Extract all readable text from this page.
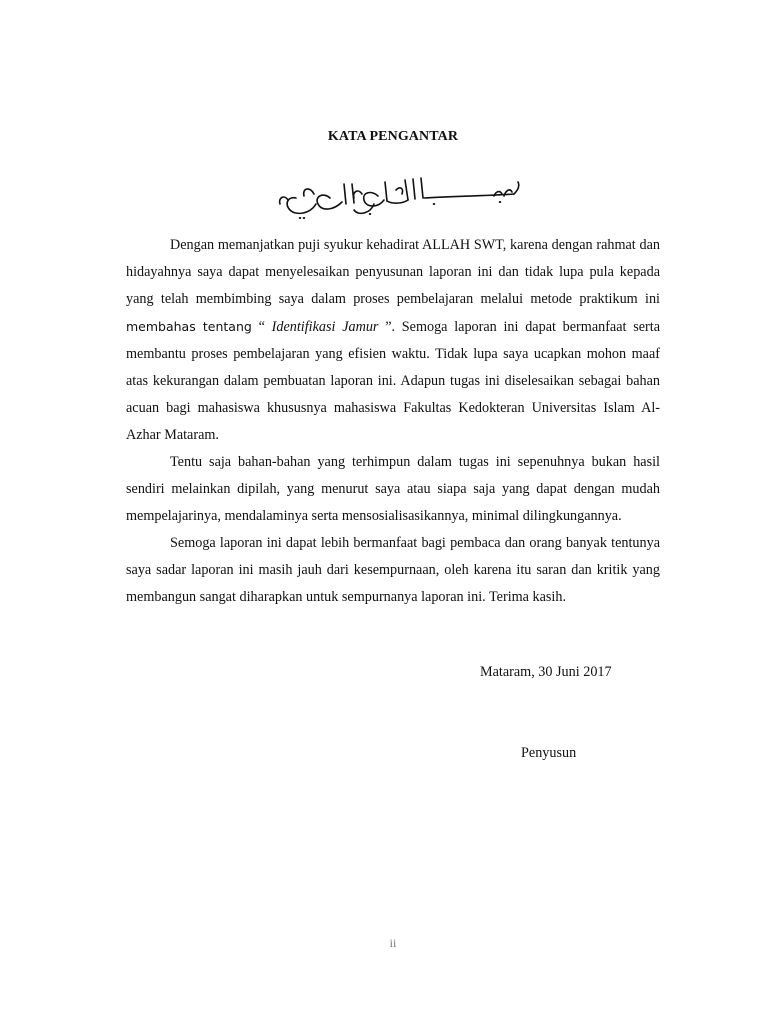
KATA PENGANTAR

Dengan memanjatkan puji syukur kehadirat ALLAH SWT, karena dengan rahmat dan hidayahnya saya dapat menyelesaikan penyusunan laporan ini dan tidak lupa pula kepada yang telah membimbing saya dalam proses pembelajaran melalui metode praktikum ini membahas tentang “ Identifikasi Jamur ”. Semoga laporan ini dapat bermanfaat serta membantu proses pembelajaran yang efisien waktu. Tidak lupa saya ucapkan mohon maaf atas kekurangan dalam pembuatan laporan ini. Adapun tugas ini diselesaikan sebagai bahan acuan bagi mahasiswa khususnya mahasiswa Fakultas Kedokteran Universitas Islam Al-Azhar Mataram.

Tentu saja bahan-bahan yang terhimpun dalam tugas ini sepenuhnya bukan hasil sendiri melainkan dipilah, yang menurut saya atau siapa saja yang dapat dengan mudah mempelajarinya, mendalaminya serta mensosialisasikannya, minimal dilingkungannya.

Semoga laporan ini dapat lebih bermanfaat bagi pembaca dan orang banyak tentunya saya sadar laporan ini masih jauh dari kesempurnaan, oleh karena itu saran dan kritik yang membangun sangat diharapkan untuk sempurnanya laporan ini. Terima kasih.

Mataram, 30 Juni 2017
Penyusun
ii
